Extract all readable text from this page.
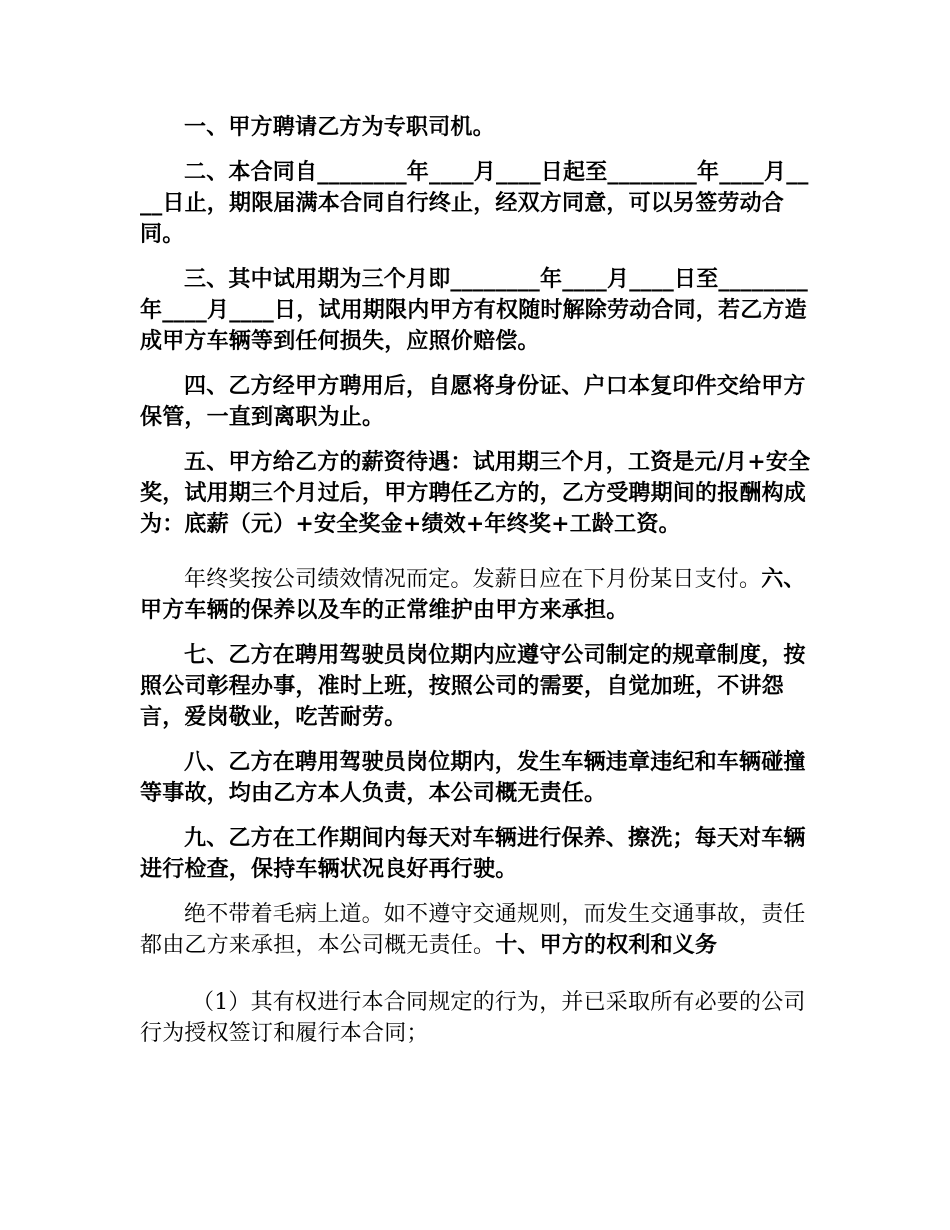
一、甲方聘请乙方为专职司机。

二、本合同自________年____月____日起至________年____月____日止，期限届满本合同自行终止，经双方同意，可以另签劳动合同。

三、其中试用期为三个月即________年____月____日至________年____月____日，试用期限内甲方有权随时解除劳动合同，若乙方造成甲方车辆等到任何损失，应照价赔偿。

四、乙方经甲方聘用后，自愿将身份证、户口本复印件交给甲方保管，一直到离职为止。

五、甲方给乙方的薪资待遇：试用期三个月，工资是元/月+安全奖，试用期三个月过后，甲方聘任乙方的，乙方受聘期间的报酬构成为：底薪（元）+安全奖金+绩效+年终奖+工龄工资。

年终奖按公司绩效情况而定。发薪日应在下月份某日支付。六、甲方车辆的保养以及车的正常维护由甲方来承担。

七、乙方在聘用驾驶员岗位期内应遵守公司制定的规章制度，按照公司彰程办事，准时上班，按照公司的需要，自觉加班，不讲怨言，爱岗敬业，吃苦耐劳。

八、乙方在聘用驾驶员岗位期内，发生车辆违章违纪和车辆碰撞等事故，均由乙方本人负责，本公司概无责任。

九、乙方在工作期间内每天对车辆进行保养、擦洗；每天对车辆进行检查，保持车辆状况良好再行驶。

绝不带着毛病上道。如不遵守交通规则，而发生交通事故，责任都由乙方来承担，本公司概无责任。十、甲方的权利和义务

（1）其有权进行本合同规定的行为，并已采取所有必要的公司行为授权签订和履行本合同；
